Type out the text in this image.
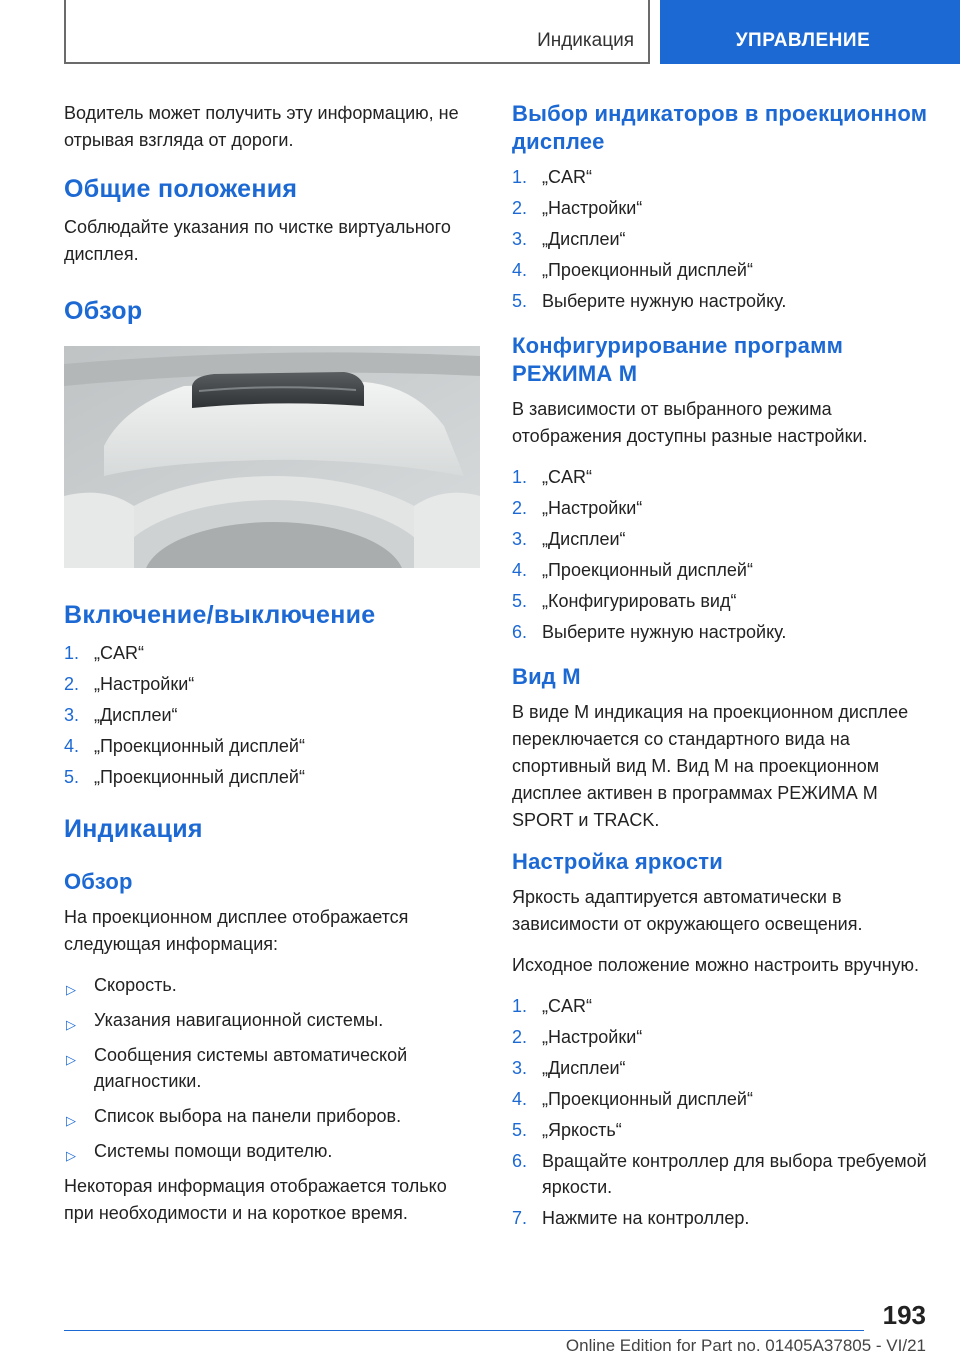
Индикация	УПРАВЛЕНИЕ

Водитель может получить эту информацию, не отрывая взгляда от дороги.

Общие положения

Соблюдайте указания по чистке виртуального дисплея.

Обзор
Включение/выключение
1. „CAR“
2. „Настройки“
3. „Дисплеи“
4. „Проекционный дисплей“
5. „Проекционный дисплей“
Индикация
Обзор

На проекционном дисплее отображается следующая информация:

▷ Скорость.
▷ Указания навигационной системы.
▷ Сообщения системы автоматической диагностики.
▷ Список выбора на панели приборов.
▷ Системы помощи водителю.

Некоторая информация отображается только при необходимости и на короткое время.

Выбор индикаторов в проекционном дисплее
1. „CAR“
2. „Настройки“
3. „Дисплеи“
4. „Проекционный дисплей“
5. Выберите нужную настройку.
Конфигурирование программ РЕЖИМА M

В зависимости от выбранного режима отображения доступны разные настройки.

1. „CAR“
2. „Настройки“
3. „Дисплеи“
4. „Проекционный дисплей“
5. „Конфигурировать вид“
6. Выберите нужную настройку.
Вид M

В виде M индикация на проекционном дисплее переключается со стандартного вида на спортивный вид M. Вид M на проекционном дисплее активен в программах РЕЖИМА M SPORT и TRACK.

Настройка яркости

Яркость адаптируется автоматически в зависимости от окружающего освещения.

Исходное положение можно настроить вручную.

1. „CAR“
2. „Настройки“
3. „Дисплеи“
4. „Проекционный дисплей“
5. „Яркость“
6. Вращайте контроллер для выбора требуемой яркости.
7. Нажмите на контроллер.
193
Online Edition for Part no. 01405A37805 - VI/21
